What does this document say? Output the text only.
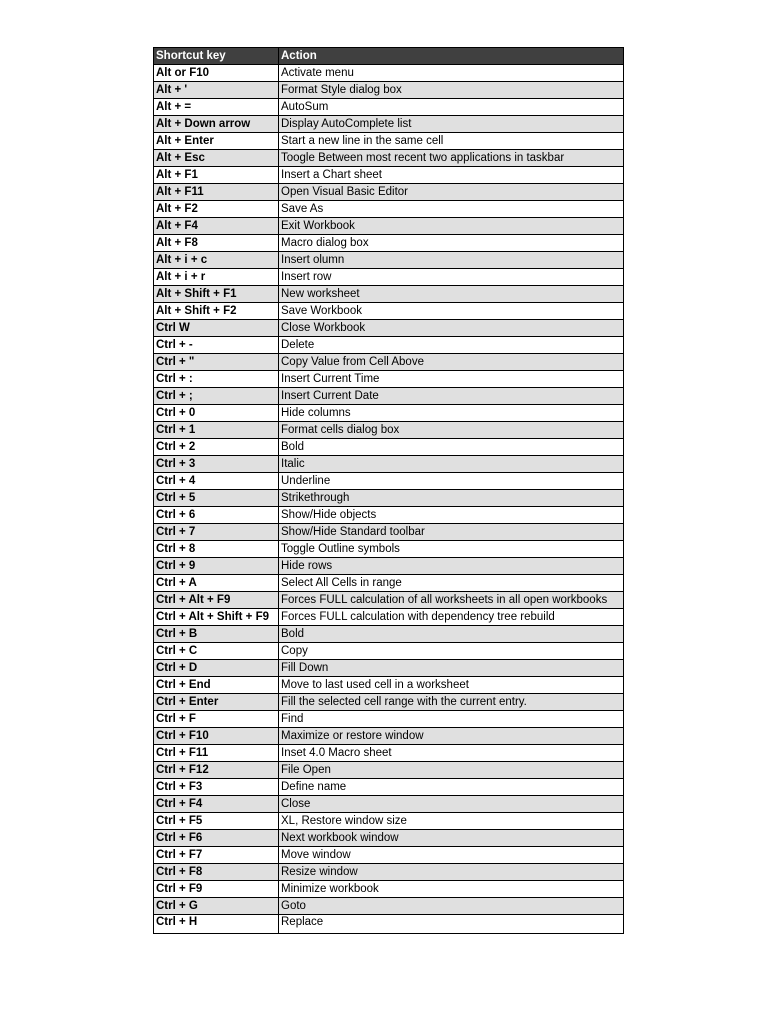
Shortcut key	Action
Alt or F10	Activate menu
Alt + '	Format Style dialog box
Alt + =	AutoSum
Alt + Down arrow	Display AutoComplete list
Alt + Enter	Start a new line in the same cell
Alt + Esc	Toogle Between most recent two applications in taskbar
Alt + F1	Insert a Chart sheet
Alt + F11	Open Visual Basic Editor
Alt + F2	Save As
Alt + F4	Exit Workbook
Alt + F8	Macro dialog box
Alt + i + c	Insert olumn
Alt + i + r	Insert row
Alt + Shift + F1	New worksheet
Alt + Shift + F2	Save Workbook
Ctrl W	Close Workbook
Ctrl + -	Delete
Ctrl + "	Copy Value from Cell Above
Ctrl + :	Insert Current Time
Ctrl + ;	Insert Current Date
Ctrl + 0	Hide columns
Ctrl + 1	Format cells dialog box
Ctrl + 2	Bold
Ctrl + 3	Italic
Ctrl + 4	Underline
Ctrl + 5	Strikethrough
Ctrl + 6	Show/Hide objects
Ctrl + 7	Show/Hide Standard toolbar
Ctrl + 8	Toggle Outline symbols
Ctrl + 9	Hide rows
Ctrl + A	Select All Cells in range
Ctrl + Alt + F9	Forces FULL calculation of all worksheets in all open workbooks
Ctrl + Alt + Shift + F9	Forces FULL calculation with dependency tree rebuild
Ctrl + B	Bold
Ctrl + C	Copy
Ctrl + D	Fill Down
Ctrl + End	Move to last used cell in a worksheet
Ctrl + Enter	Fill the selected cell range with the current entry.
Ctrl + F	Find
Ctrl + F10	Maximize or restore window
Ctrl + F11	Inset 4.0 Macro sheet
Ctrl + F12	File Open
Ctrl + F3	Define name
Ctrl + F4	Close
Ctrl + F5	XL, Restore window size
Ctrl + F6	Next workbook window
Ctrl + F7	Move window
Ctrl + F8	Resize window
Ctrl + F9	Minimize workbook
Ctrl + G	Goto
Ctrl + H	Replace
